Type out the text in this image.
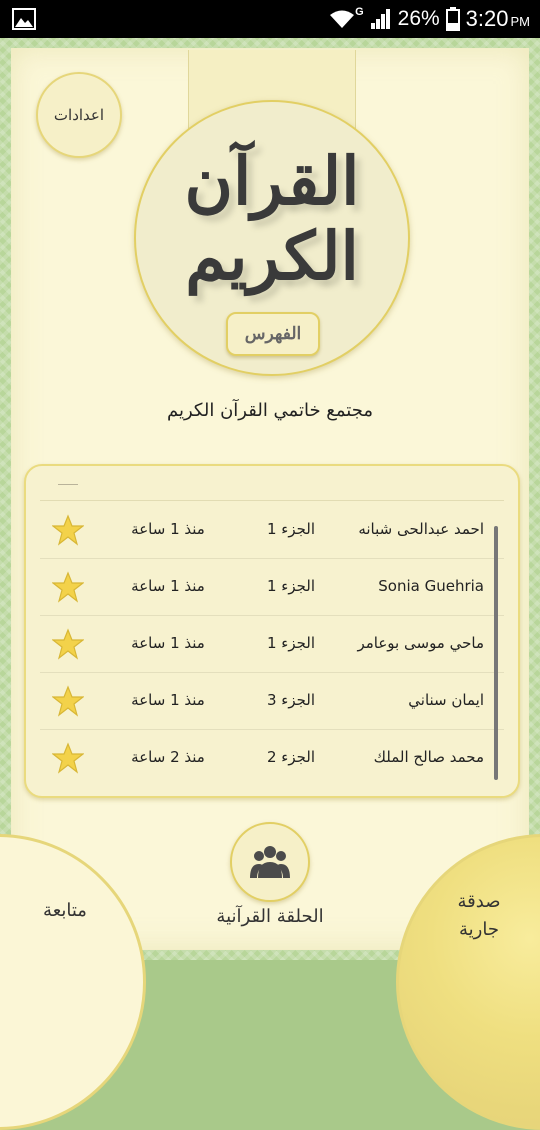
G 26% 3:20 PM
اعدادات
القرآن
الكريم
الفهرس
مجتمع خاتمي القرآن الكريم
منذ 1 ساعة	الجزء 1	احمد عبدالحى شبانه
منذ 1 ساعة	الجزء 1	Sonia Guehria
منذ 1 ساعة	الجزء 1	ماحي موسى بوعامر
منذ 1 ساعة	الجزء 3	ايمان سناني
منذ 2 ساعة	الجزء 2	محمد صالح الملك
متابعة	صدقة
جارية
الحلقة القرآنية
